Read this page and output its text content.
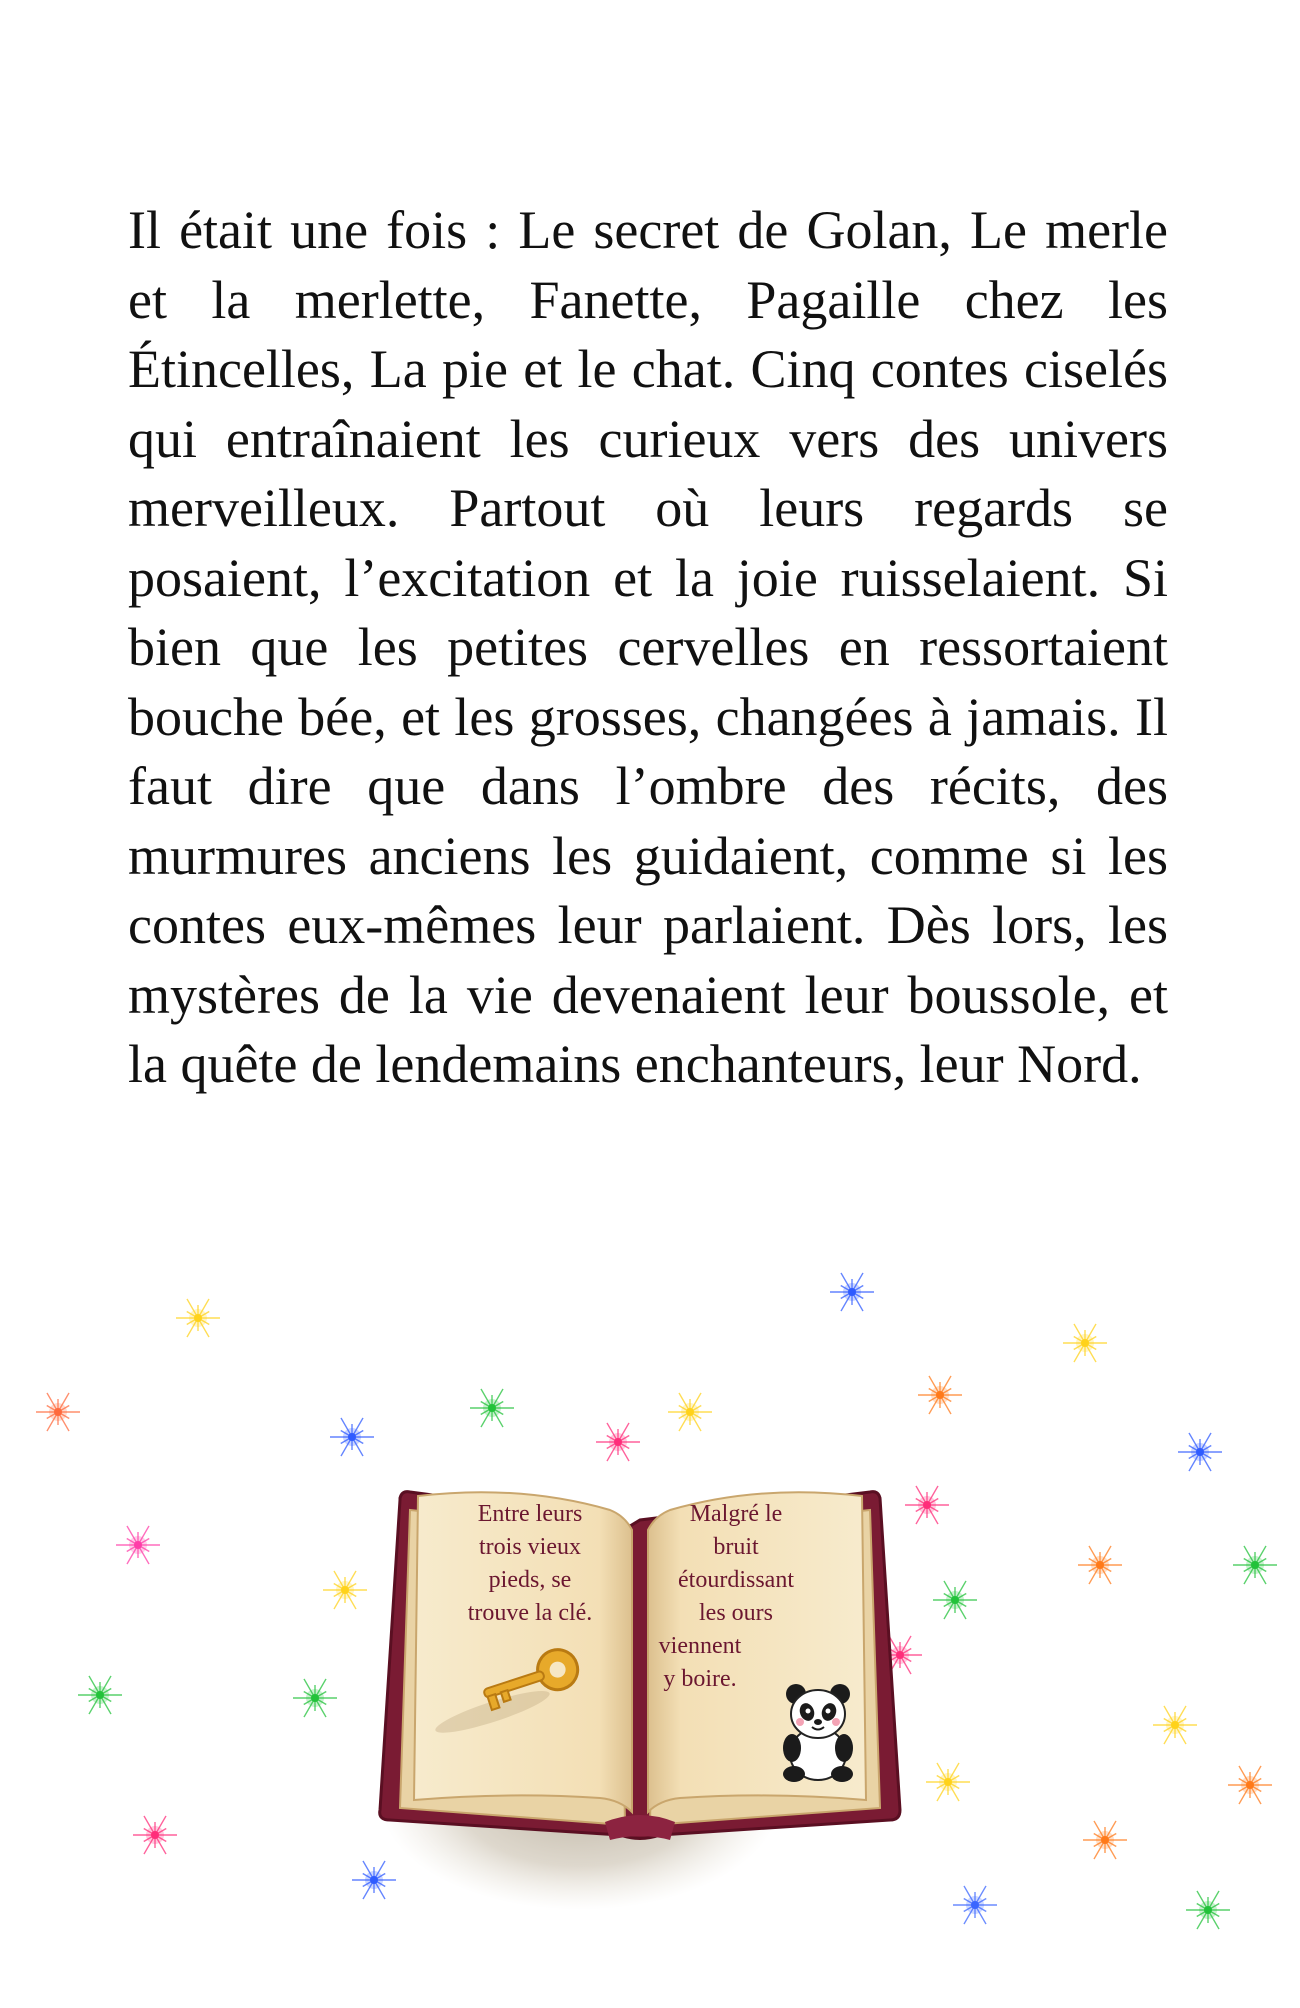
Il était une fois : Le secret de Golan, Le merle et la merlette, Fanette, Pagaille chez les Étincelles, La pie et le chat. Cinq contes ciselés qui entraînaient les curieux vers des univers merveilleux. Partout où leurs regards se posaient, l’excitation et la joie ruisselaient. Si bien que les petites cervelles en ressortaient bouche bée, et les grosses, changées à jamais. Il faut dire que dans l’ombre des récits, des murmures anciens les guidaient, comme si les contes eux-mêmes leur parlaient. Dès lors, les mystères de la vie devenaient leur boussole, et la quête de lendemains enchanteurs, leur Nord.

Entre leurs
trois vieux
pieds, se
trouve la clé.

Malgré le
bruit
étourdissant
les ours

viennent
y boire.
